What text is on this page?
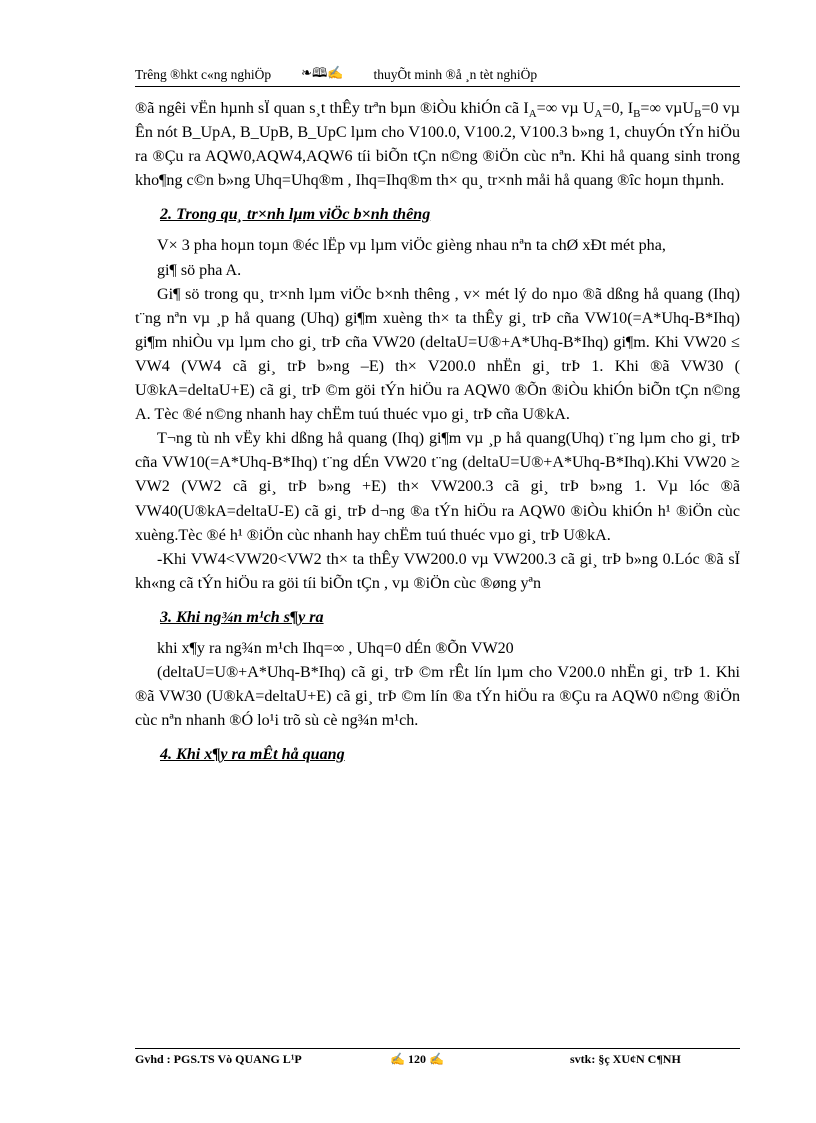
Trêng ®hkt c«ng nghiÖp ❧🕮✍ thuyÕt minh ®å ¸n tèt nghiÖp

®ã ngêi vËn hµnh sÏ quan s¸t thÊy trªn bµn ®iÒu khiÓn cã $I_A=\infty$ vµ $U_A=0$, $I_B=\infty$ vµU$_B$=0 vµ Ên nót B_UpA, B_UpB, B_UpC lµm cho V100.0, V100.2, V100.3 b»ng 1, chuyÓn tÝn hiÖu ra ®Çu ra AQW0,AQW4,AQW6 tíi biÕn tÇn n©ng ®iÖn cùc nªn. Khi hå quang sinh trong kho¶ng c©n b»ng Uhq=Uhq®m , Ihq=Ihq®m th× qu¸ tr×nh måi hå quang ®îc hoµn thµnh.

2. Trong qu¸ tr×nh lµm viÖc b×nh thêng

V× 3 pha hoµn toµn ®éc lËp vµ lµm viÖc gièng nhau nªn ta chØ xÐt mét pha,

gi¶ sö pha A.

Gi¶ sö trong qu¸ tr×nh lµm viÖc b×nh thêng , v× mét lý do nµo ®ã dßng hå quang (Ihq) t¨ng nªn vµ ¸p hå quang (Uhq) gi¶m xuèng th× ta thÊy gi¸ trÞ cña VW10(=A*Uhq-B*Ihq) gi¶m nhiÒu vµ lµm cho gi¸ trÞ cña VW20 (deltaU=U®+A*Uhq-B*Ihq) gi¶m. Khi VW20 ≤ VW4 (VW4 cã gi¸ trÞ b»ng –E) th× V200.0 nhËn gi¸ trÞ 1. Khi ®ã VW30 ( U®kA=deltaU+E) cã gi¸ trÞ ©m göi tÝn hiÖu ra AQW0 ®Õn ®iÒu khiÓn biÕn tÇn n©ng A. Tèc ®é n©ng nhanh hay chËm tuú thuéc vµo gi¸ trÞ cña U®kA.

T¬ng tù nh vËy khi dßng hå quang (Ihq) gi¶m vµ ¸p hå quang(Uhq) t¨ng lµm cho gi¸ trÞ cña VW10(=A*Uhq-B*Ihq) t¨ng dÉn VW20 t¨ng (deltaU=U®+A*Uhq-B*Ihq).Khi VW20 ≥ VW2 (VW2 cã gi¸ trÞ b»ng +E) th× VW200.3 cã gi¸ trÞ b»ng 1. Vµ lóc ®ã VW40(U®kA=deltaU-E) cã gi¸ trÞ d¬ng ®a tÝn hiÖu ra AQW0 ®iÒu khiÓn h¹ ®iÖn cùc xuèng.Tèc ®é h¹ ®iÖn cùc nhanh hay chËm tuú thuéc vµo gi¸ trÞ U®kA.

-Khi VW4<VW20<VW2 th× ta thÊy VW200.0 vµ VW200.3 cã gi¸ trÞ b»ng 0.Lóc ®ã sÏ kh«ng cã tÝn hiÖu ra göi tíi biÕn tÇn , vµ ®iÖn cùc ®øng yªn

3. Khi ng¾n m¹ch s¶y ra

khi x¶y ra ng¾n m¹ch Ihq=∞ , Uhq=0 dÉn ®Õn VW20

(deltaU=U®+A*Uhq-B*Ihq) cã gi¸ trÞ ©m rÊt lín lµm cho V200.0 nhËn gi¸ trÞ 1. Khi ®ã VW30 (U®kA=deltaU+E) cã gi¸ trÞ ©m lín ®a tÝn hiÖu ra ®Çu ra AQW0 n©ng ®iÖn cùc nªn nhanh ®Ó lo¹i trõ sù cè ng¾n m¹ch.

4. Khi x¶y ra mÊt hå quang

Gvhd : PGS.TS Vò QUANG L¹P	✍ 120 ✍	svtk: §ç XU¢N C¶NH
